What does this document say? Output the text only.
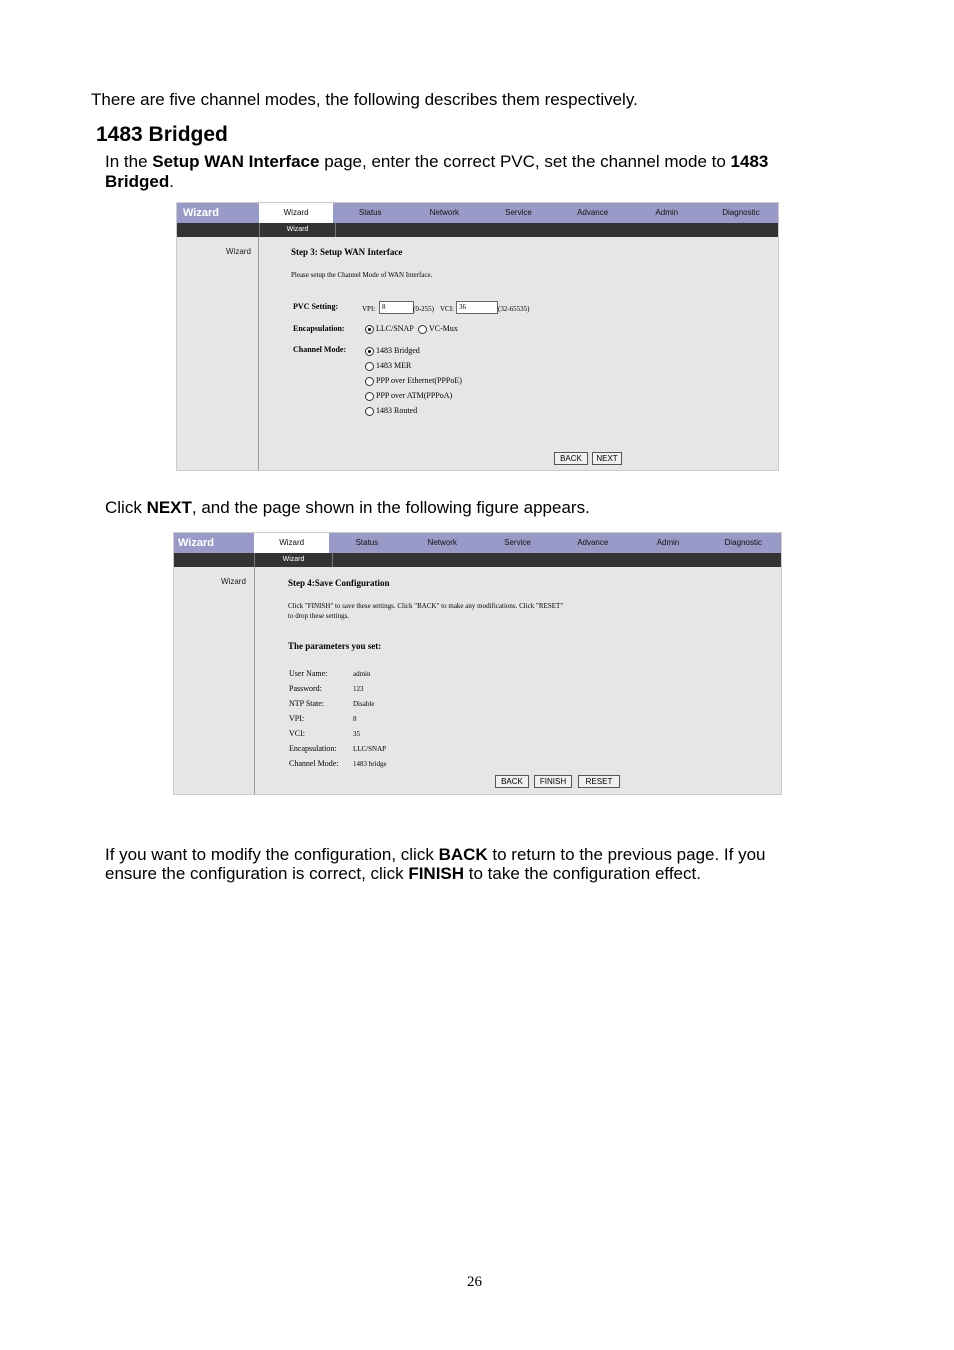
There are five channel modes, the following describes them respectively.

1483 Bridged

In the Setup WAN Interface page, enter the correct PVC, set the channel mode to 1483

Bridged.

Wizard	Wizard	Status	Network	Service	Advance	Admin	Diagnostic
Wizard
Wizard	Step 3: Setup WAN Interface
Please setup the Channel Mode of WAN Interface.
PVC Setting:	VPI: 8	(0-255) VCI: 36	(32-65535)
Encapsulation:	LLC/SNAP	VC-Mux
Channel Mode:	1483 Bridged
1483 MER
PPP over Ethernet(PPPoE)
PPP over ATM(PPPoA)
1483 Routed
BACK	NEXT

Click NEXT, and the page shown in the following figure appears.

Wizard	Wizard	Status	Network	Service	Advance	Admin	Diagnostic
Wizard
Wizard	Step 4:Save Configuration
Click "FINISH" to save these settings. Click "BACK" to make any modifications. Click "RESET"
to drop these settings.
The parameters you set:
User Name:	admin
Password:	123
NTP State:	Disable
VPI:	8
VCI:	35
Encapsulation: LLC/SNAP
Channel Mode: 1483 bridge
BACK	FINISH	RESET

If you want to modify the configuration, click BACK to return to the previous page. If you

ensure the configuration is correct, click FINISH to take the configuration effect.

26
